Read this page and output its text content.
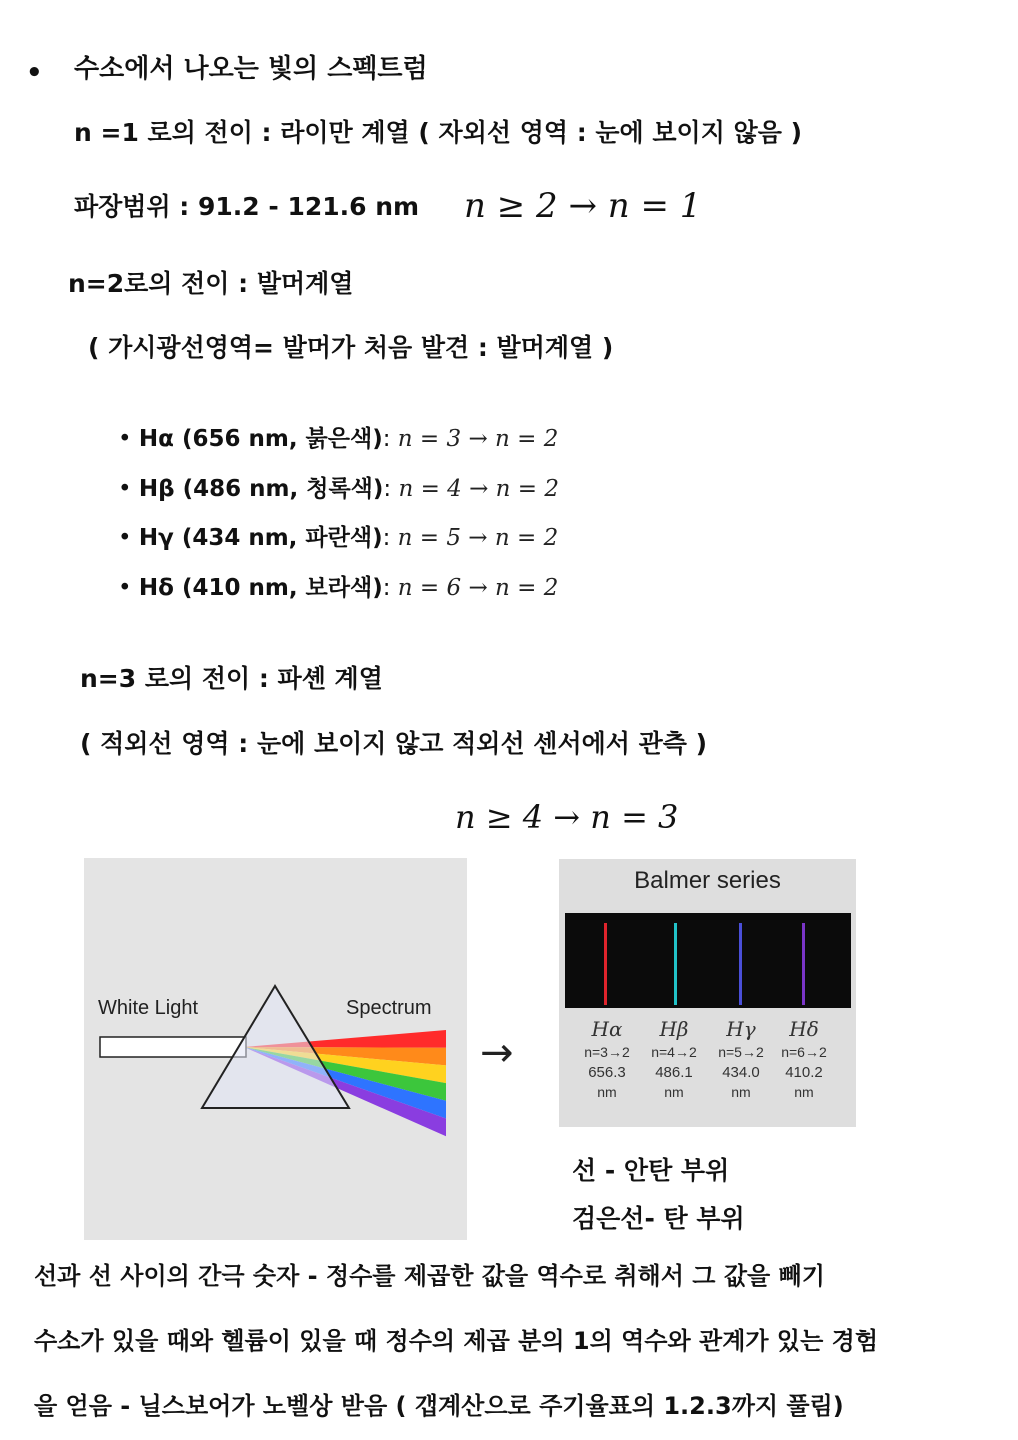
• 수소에서 나오는 빛의 스펙트럼
n =1 로의 전이 : 라이만 계열 ( 자외선 영역 : 눈에 보이지 않음 )
파장범위 : 91.2 - 121.6 nm n ≥ 2 → n = 1
n=2로의 전이 : 발머계열
( 가시광선영역= 발머가 처음 발견 : 발머계열 )
• Hα (656 nm, 붉은색): n = 3 → n = 2
• Hβ (486 nm, 청록색): n = 4 → n = 2
• Hγ (434 nm, 파란색): n = 5 → n = 2
• Hδ (410 nm, 보라색): n = 6 → n = 2
n=3 로의 전이 : 파셴 계열
( 적외선 영역 : 눈에 보이지 않고 적외선 센서에서 관측 )
n ≥ 4 → n = 3
White Light	Spectrum
→
Balmer series
Hα
n=3→2
656.3
nm
Hβ
n=4→2
486.1
nm
Hγ
n=5→2
434.0
nm
Hδ
n=6→2
410.2
nm
선 - 안탄 부위
검은선- 탄 부위
선과 선 사이의 간극 숫자 - 정수를 제곱한 값을 역수로 취해서 그 값을 빼기
수소가 있을 때와 헬륨이 있을 때 정수의 제곱 분의 1의 역수와 관계가 있는 경험
을 얻음 - 닐스보어가 노벨상 받음 ( 갭계산으로 주기율표의 1.2.3까지 풀림)
